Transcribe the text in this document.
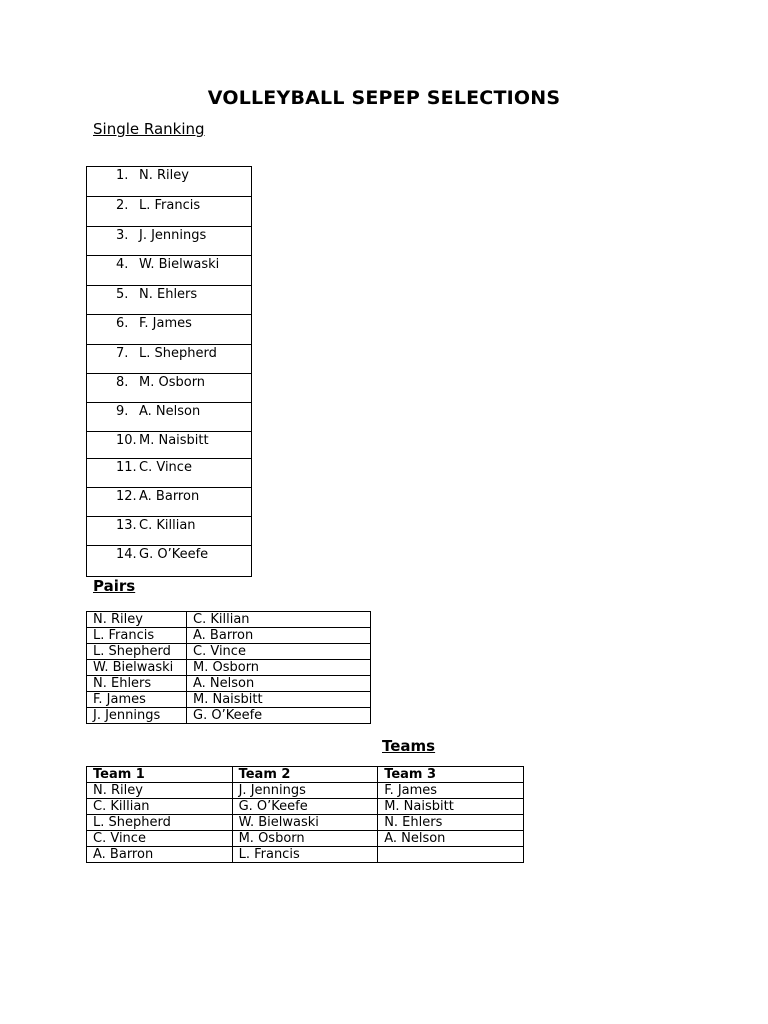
VOLLEYBALL SEPEP SELECTIONS
Single Ranking
1. N. Riley
2. L. Francis
3. J. Jennings
4. W. Bielwaski
5. N. Ehlers
6. F. James
7. L. Shepherd
8. M. Osborn
9. A. Nelson
10. M. Naisbitt
11. C. Vince
12. A. Barron
13. C. Killian
14. G. O’Keefe
Pairs
N. Riley	C. Killian
L. Francis	A. Barron
L. Shepherd	C. Vince
W. Bielwaski	M. Osborn
N. Ehlers	A. Nelson
F. James	M. Naisbitt
J. Jennings	G. O’Keefe
Teams
Team 1	Team 2	Team 3
N. Riley	J. Jennings	F. James
C. Killian	G. O’Keefe	M. Naisbitt
L. Shepherd	W. Bielwaski	N. Ehlers
C. Vince	M. Osborn	A. Nelson
A. Barron	L. Francis	
